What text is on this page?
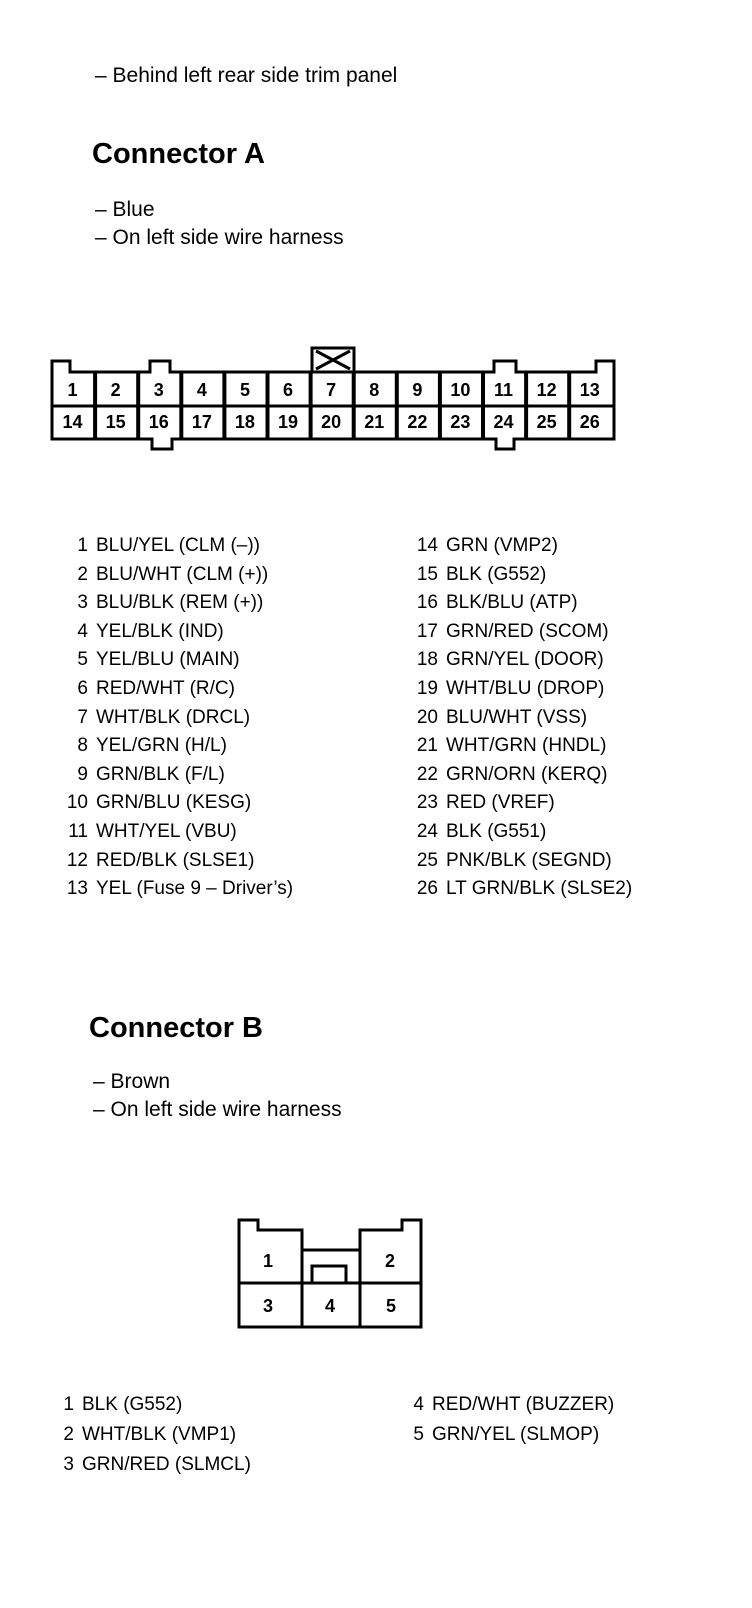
– Behind left rear side trim panel
Connector A
– Blue
– On left side wire harness
1 2 3 4 5 6 7 8 9 10 11 12 13
14 15 16 17 18 19 20 21 22 23 24 25 26
1 BLU/YEL (CLM (–))
2 BLU/WHT (CLM (+))
3 BLU/BLK (REM (+))
4 YEL/BLK (IND)
5 YEL/BLU (MAIN)
6 RED/WHT (R/C)
7 WHT/BLK (DRCL)
8 YEL/GRN (H/L)
9 GRN/BLK (F/L)
10 GRN/BLU (KESG)
11 WHT/YEL (VBU)
12 RED/BLK (SLSE1)
13 YEL (Fuse 9 – Driver’s)
14 GRN (VMP2)
15 BLK (G552)
16 BLK/BLU (ATP)
17 GRN/RED (SCOM)
18 GRN/YEL (DOOR)
19 WHT/BLU (DROP)
20 BLU/WHT (VSS)
21 WHT/GRN (HNDL)
22 GRN/ORN (KERQ)
23 RED (VREF)
24 BLK (G551)
25 PNK/BLK (SEGND)
26 LT GRN/BLK (SLSE2)
Connector B
– Brown
– On left side wire harness
1	2
3	4	5
1 BLK (G552)
2 WHT/BLK (VMP1)
3 GRN/RED (SLMCL)
4 RED/WHT (BUZZER)
5 GRN/YEL (SLMOP)
